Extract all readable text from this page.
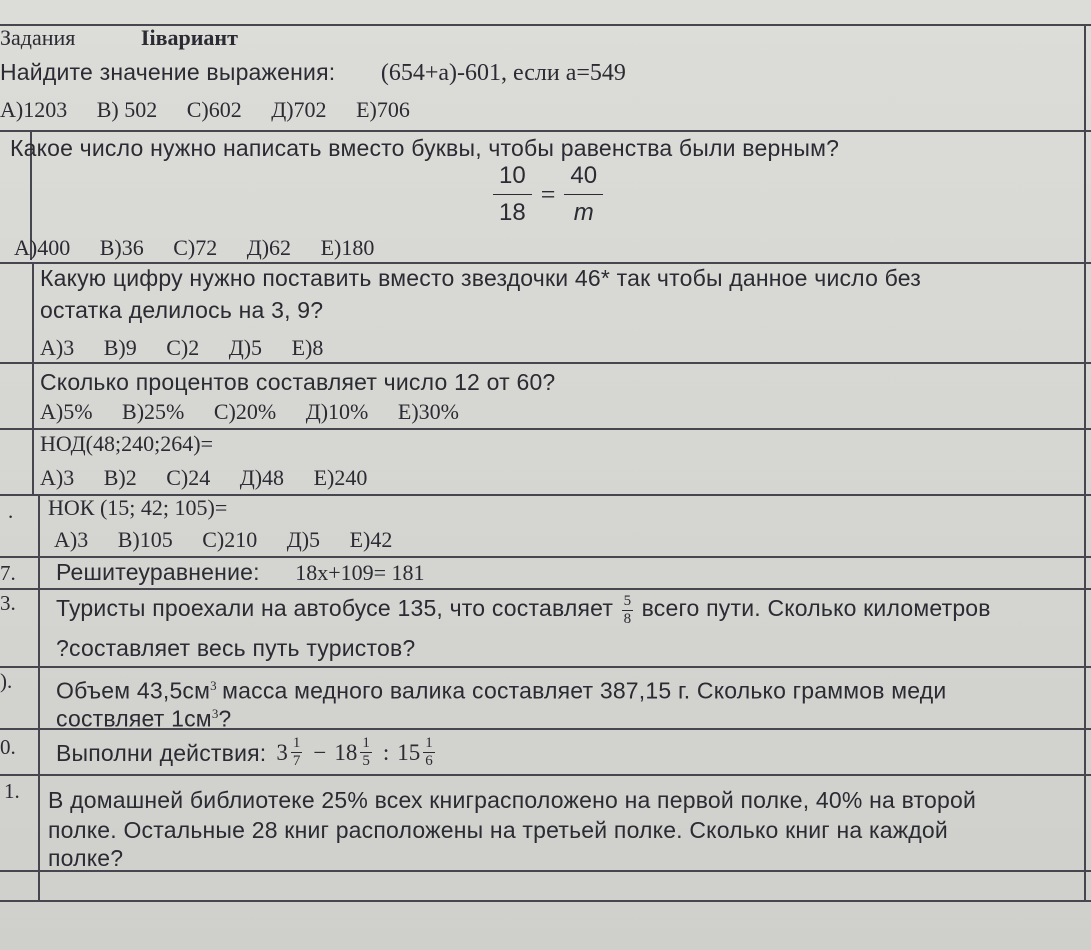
Задания	Іівариант
Найдите значение выражения: (654+a)-601, если a=549
A)1203 B) 502 C)602 Д)702 E)706
Какое число нужно написать вместо буквы, чтобы равенства были верным?
$\frac{10}{18} = \frac{40}{m}$
A)400 B)36 C)72 Д)62 E)180
Какую цифру нужно поставить вместо звездочки 46* так чтобы данное число без
остатка делилось на 3, 9?
A)3 B)9 C)2 Д)5 E)8
Сколько процентов составляет число 12 от 60?
A)5% B)25% C)20% Д)10% E)30%
НОД(48;240;264)=
A)3 B)2 C)24 Д)48 E)240
. НОК (15; 42; 105)=
A)3 B)105 C)210 Д)5 E)42
7. Решитеуравнение: 18x+109= 181
3. Туристы проехали на автобусе 135, что составляет $\frac{5}{8}$ всего пути. Сколько километров
?составляет весь путь туристов?
). Объем $43,5см^3$ масса медного валика составляет 387,15 г. Сколько граммов меди
соствляет $1см^3$?
0. Выполни действия: $3 \frac{1}{7} - 18 \frac{1}{5}$ : $15 \frac{1}{6}$
1. В домашней библиотеке 25% всех книграсположено на первой полке, 40% на второй
полке. Остальные 28 книг расположены на третьей полке. Сколько книг на каждой
полке?
